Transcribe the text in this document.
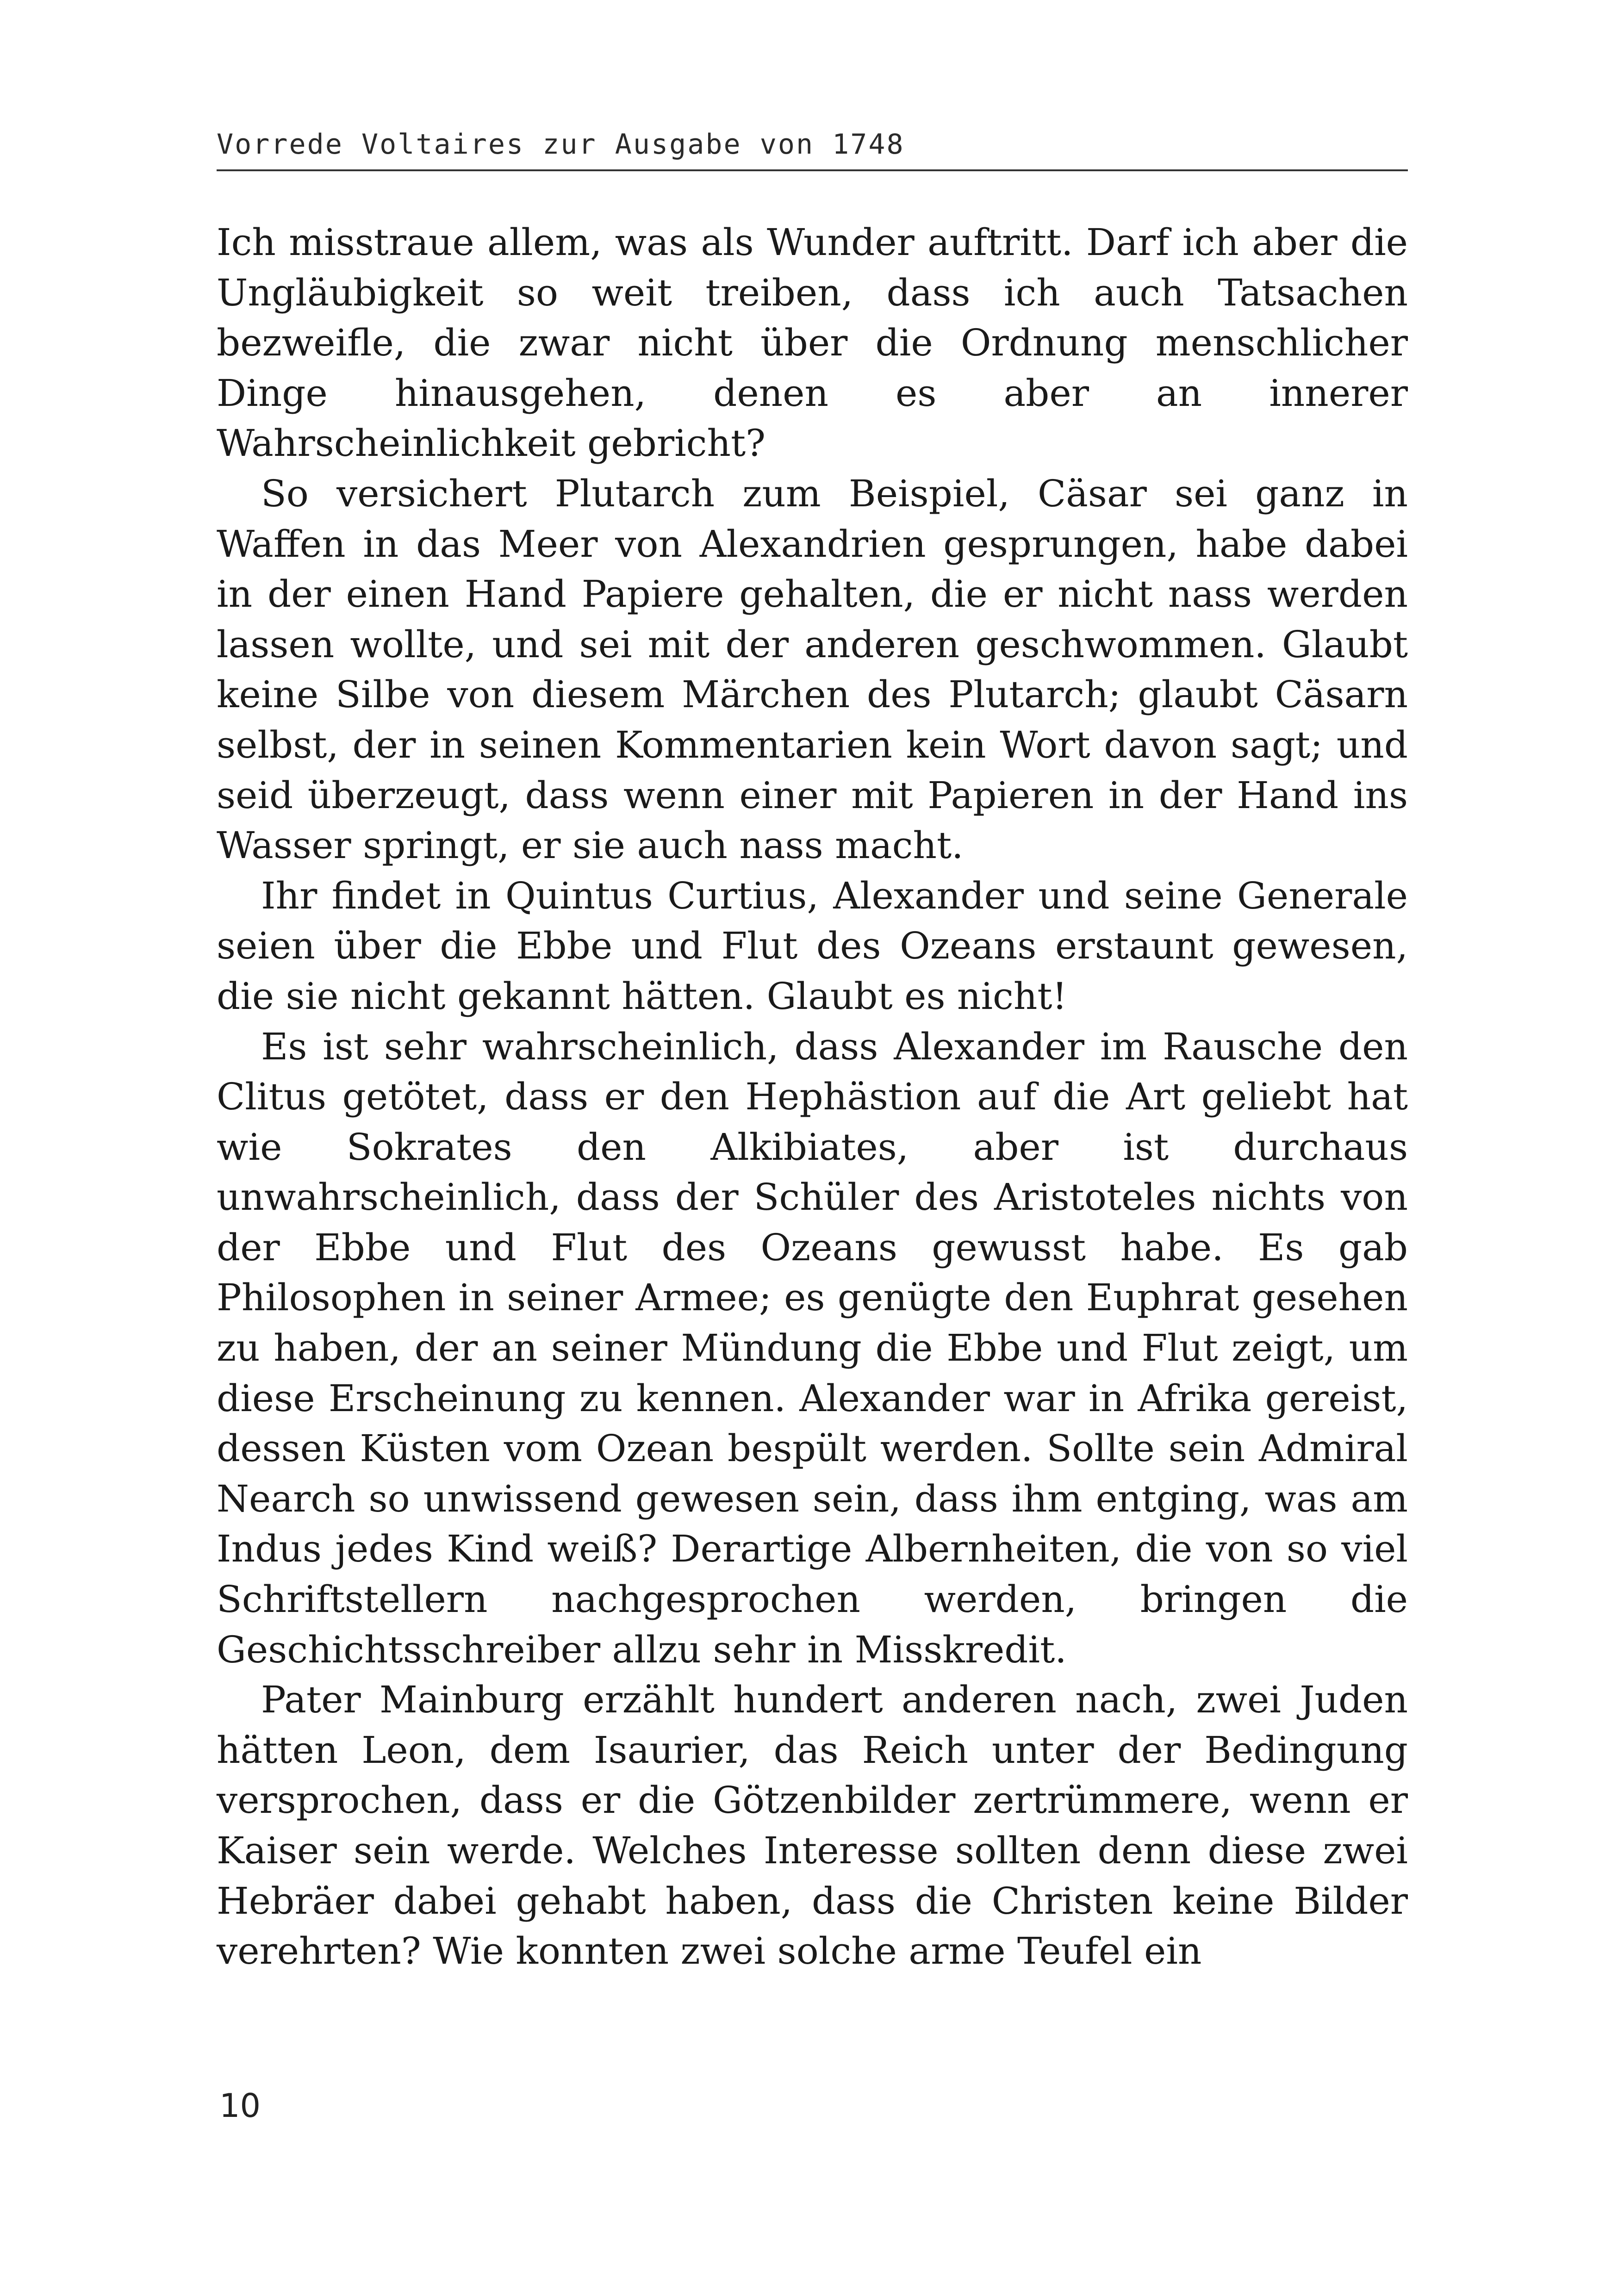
Vorrede Voltaires zur Ausgabe von 1748

Ich misstraue allem, was als Wunder auftritt. Darf ich aber die Ungläubigkeit so weit treiben, dass ich auch Tatsachen bezweifle, die zwar nicht über die Ordnung menschlicher Dinge hinausgehen, denen es aber an innerer Wahrscheinlichkeit gebricht?

So versichert Plutarch zum Beispiel, Cäsar sei ganz in Waffen in das Meer von Alexandrien gesprungen, habe dabei in der einen Hand Papiere gehalten, die er nicht nass werden lassen wollte, und sei mit der anderen geschwommen. Glaubt keine Silbe von diesem Märchen des Plutarch; glaubt Cäsarn selbst, der in seinen Kommentarien kein Wort davon sagt; und seid überzeugt, dass wenn einer mit Papieren in der Hand ins Wasser springt, er sie auch nass macht.

Ihr findet in Quintus Curtius, Alexander und seine Generale seien über die Ebbe und Flut des Ozeans erstaunt gewesen, die sie nicht gekannt hätten. Glaubt es nicht!

Es ist sehr wahrscheinlich, dass Alexander im Rausche den Clitus getötet, dass er den Hephästion auf die Art geliebt hat wie Sokrates den Alkibiates, aber ist durchaus unwahrscheinlich, dass der Schüler des Aristoteles nichts von der Ebbe und Flut des Ozeans gewusst habe. Es gab Philosophen in seiner Armee; es genügte den Euphrat gesehen zu haben, der an seiner Mündung die Ebbe und Flut zeigt, um diese Erscheinung zu kennen. Alexander war in Afrika gereist, dessen Küsten vom Ozean bespült werden. Sollte sein Admiral Nearch so unwissend gewesen sein, dass ihm entging, was am Indus jedes Kind weiß? Derartige Albernheiten, die von so viel Schriftstellern nachgesprochen werden, bringen die Geschichtsschreiber allzu sehr in Misskredit.

Pater Mainburg erzählt hundert anderen nach, zwei Juden hätten Leon, dem Isaurier, das Reich unter der Bedingung versprochen, dass er die Götzenbilder zertrümmere, wenn er Kaiser sein werde. Welches Interesse sollten denn diese zwei Hebräer dabei gehabt haben, dass die Christen keine Bilder verehrten? Wie konnten zwei solche arme Teufel ein

10
